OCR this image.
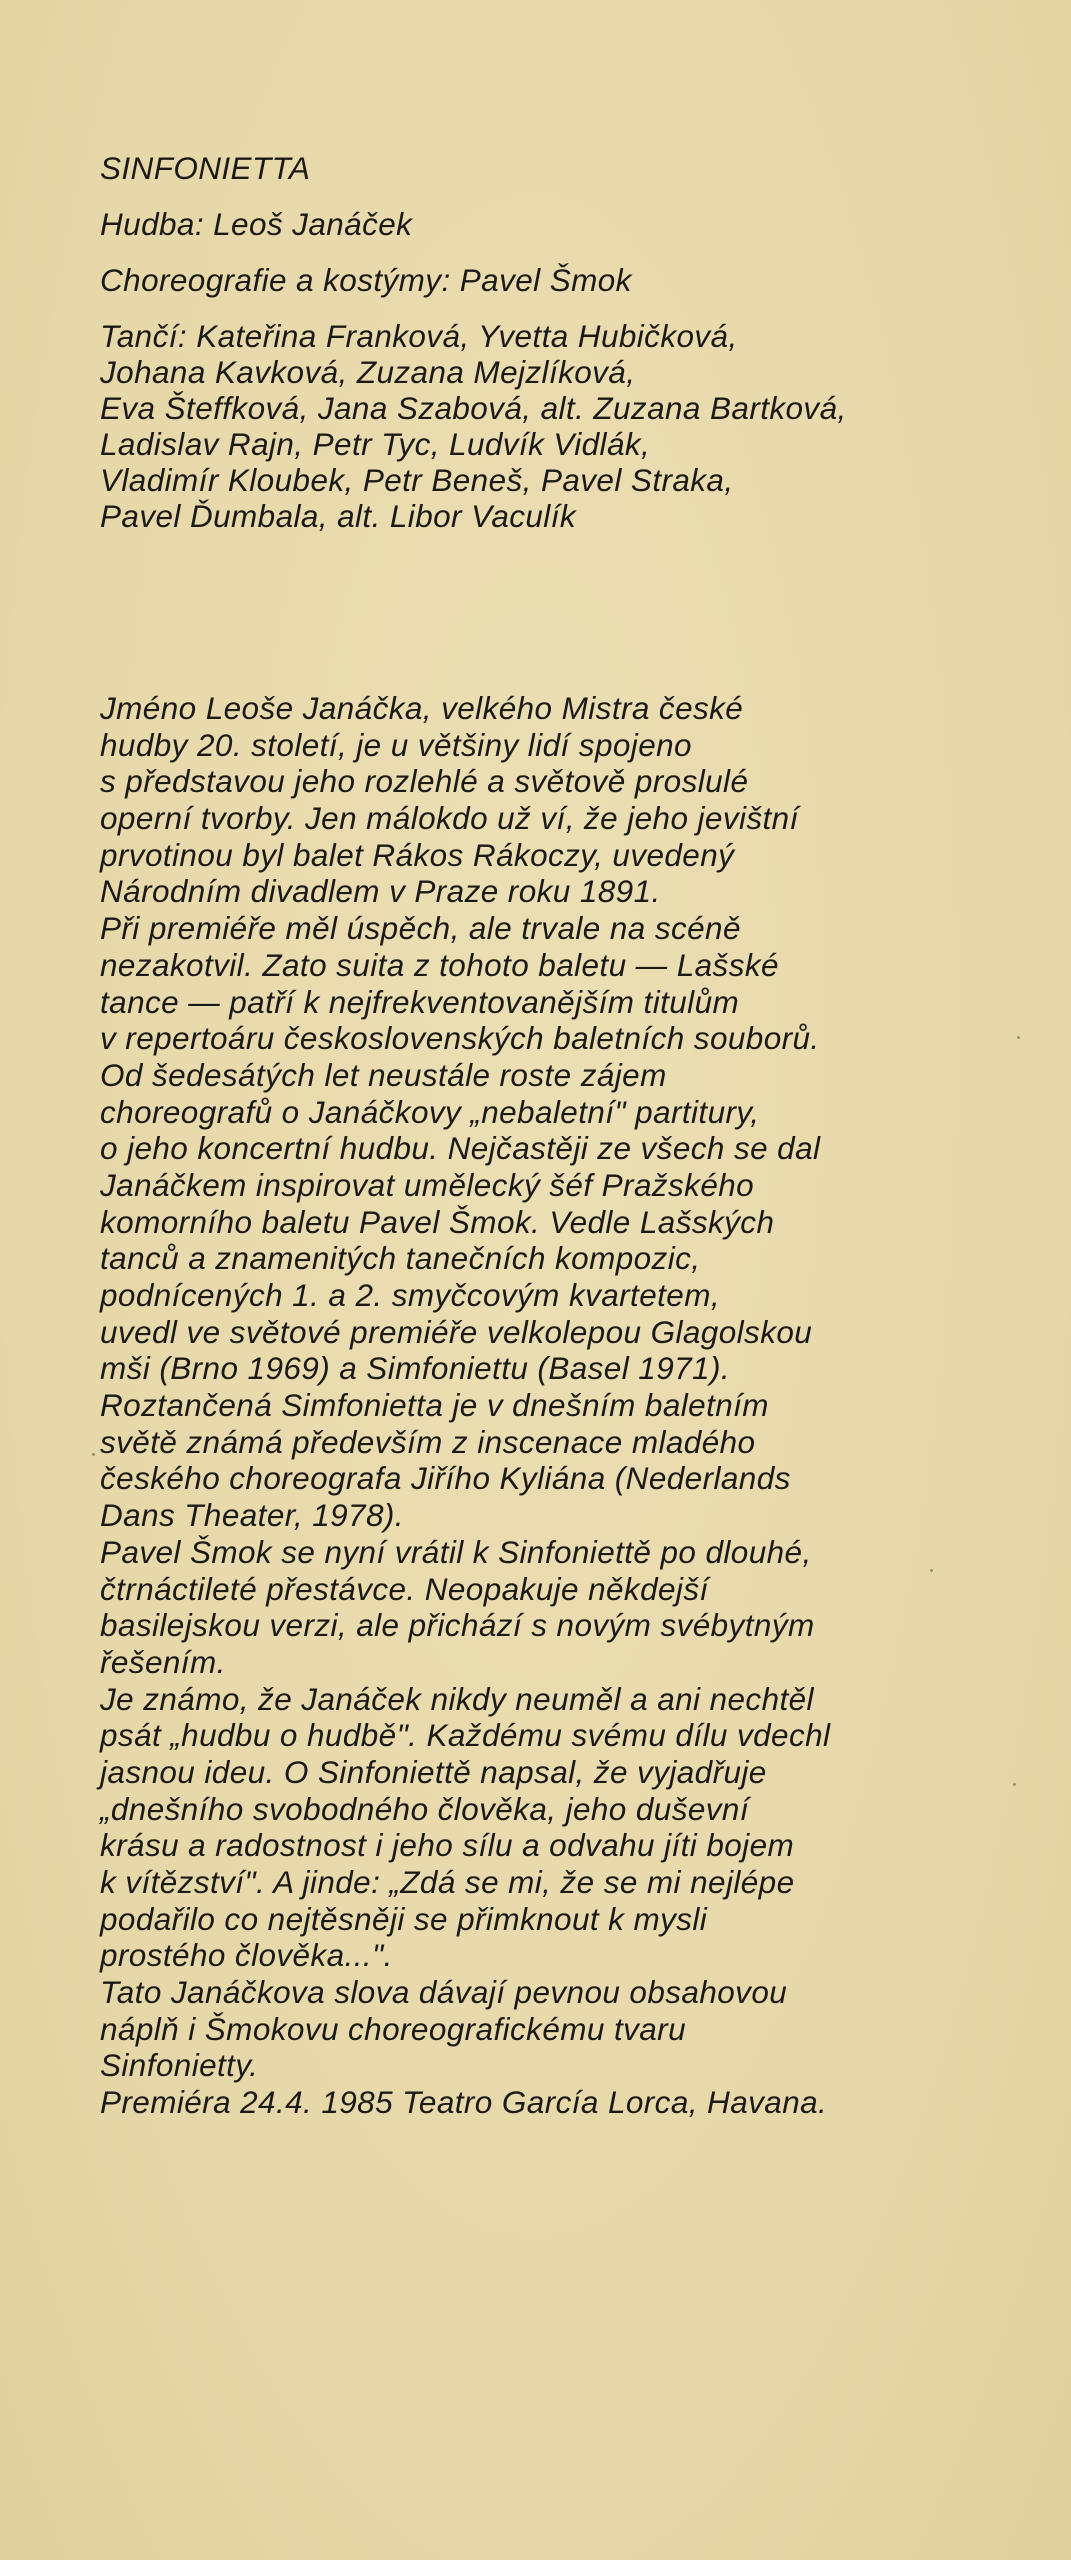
SINFONIETTA
Hudba: Leoš Janáček
Choreografie a kostýmy: Pavel Šmok
Tančí: Kateřina Franková, Yvetta Hubičková,
Johana Kavková, Zuzana Mejzlíková,
Eva Šteffková, Jana Szabová, alt. Zuzana Bartková,
Ladislav Rajn, Petr Tyc, Ludvík Vidlák,
Vladimír Kloubek, Petr Beneš, Pavel Straka,
Pavel Ďumbala, alt. Libor Vaculík
Jméno Leoše Janáčka, velkého Mistra české
hudby 20. století, je u většiny lidí spojeno
s představou jeho rozlehlé a světově proslulé
operní tvorby. Jen málokdo už ví, že jeho jevištní
prvotinou byl balet Rákos Rákoczy, uvedený
Národním divadlem v Praze roku 1891.
Při premiéře měl úspěch, ale trvale na scéně
nezakotvil. Zato suita z tohoto baletu — Lašské
tance — patří k nejfrekventovanějším titulům
v repertoáru československých baletních souborů.
Od šedesátých let neustále roste zájem
choreografů o Janáčkovy „nebaletní" partitury,
o jeho koncertní hudbu. Nejčastěji ze všech se dal
Janáčkem inspirovat umělecký šéf Pražského
komorního baletu Pavel Šmok. Vedle Lašských
tanců a znamenitých tanečních kompozic,
podnícených 1. a 2. smyčcovým kvartetem,
uvedl ve světové premiéře velkolepou Glagolskou
mši (Brno 1969) a Simfoniettu (Basel 1971).
Roztančená Simfonietta je v dnešním baletním
světě známá především z inscenace mladého
českého choreografa Jiřího Kyliána (Nederlands
Dans Theater, 1978).
Pavel Šmok se nyní vrátil k Sinfoniettě po dlouhé,
čtrnáctileté přestávce. Neopakuje někdejší
basilejskou verzi, ale přichází s novým svébytným
řešením.
Je známo, že Janáček nikdy neuměl a ani nechtěl
psát „hudbu o hudbě". Každému svému dílu vdechl
jasnou ideu. O Sinfoniettě napsal, že vyjadřuje
„dnešního svobodného člověka, jeho duševní
krásu a radostnost i jeho sílu a odvahu jíti bojem
k vítězství". A jinde: „Zdá se mi, že se mi nejlépe
podařilo co nejtěsněji se přimknout k mysli
prostého člověka...".
Tato Janáčkova slova dávají pevnou obsahovou
náplň i Šmokovu choreografickému tvaru
Sinfonietty.
Premiéra 24.4. 1985 Teatro García Lorca, Havana.
